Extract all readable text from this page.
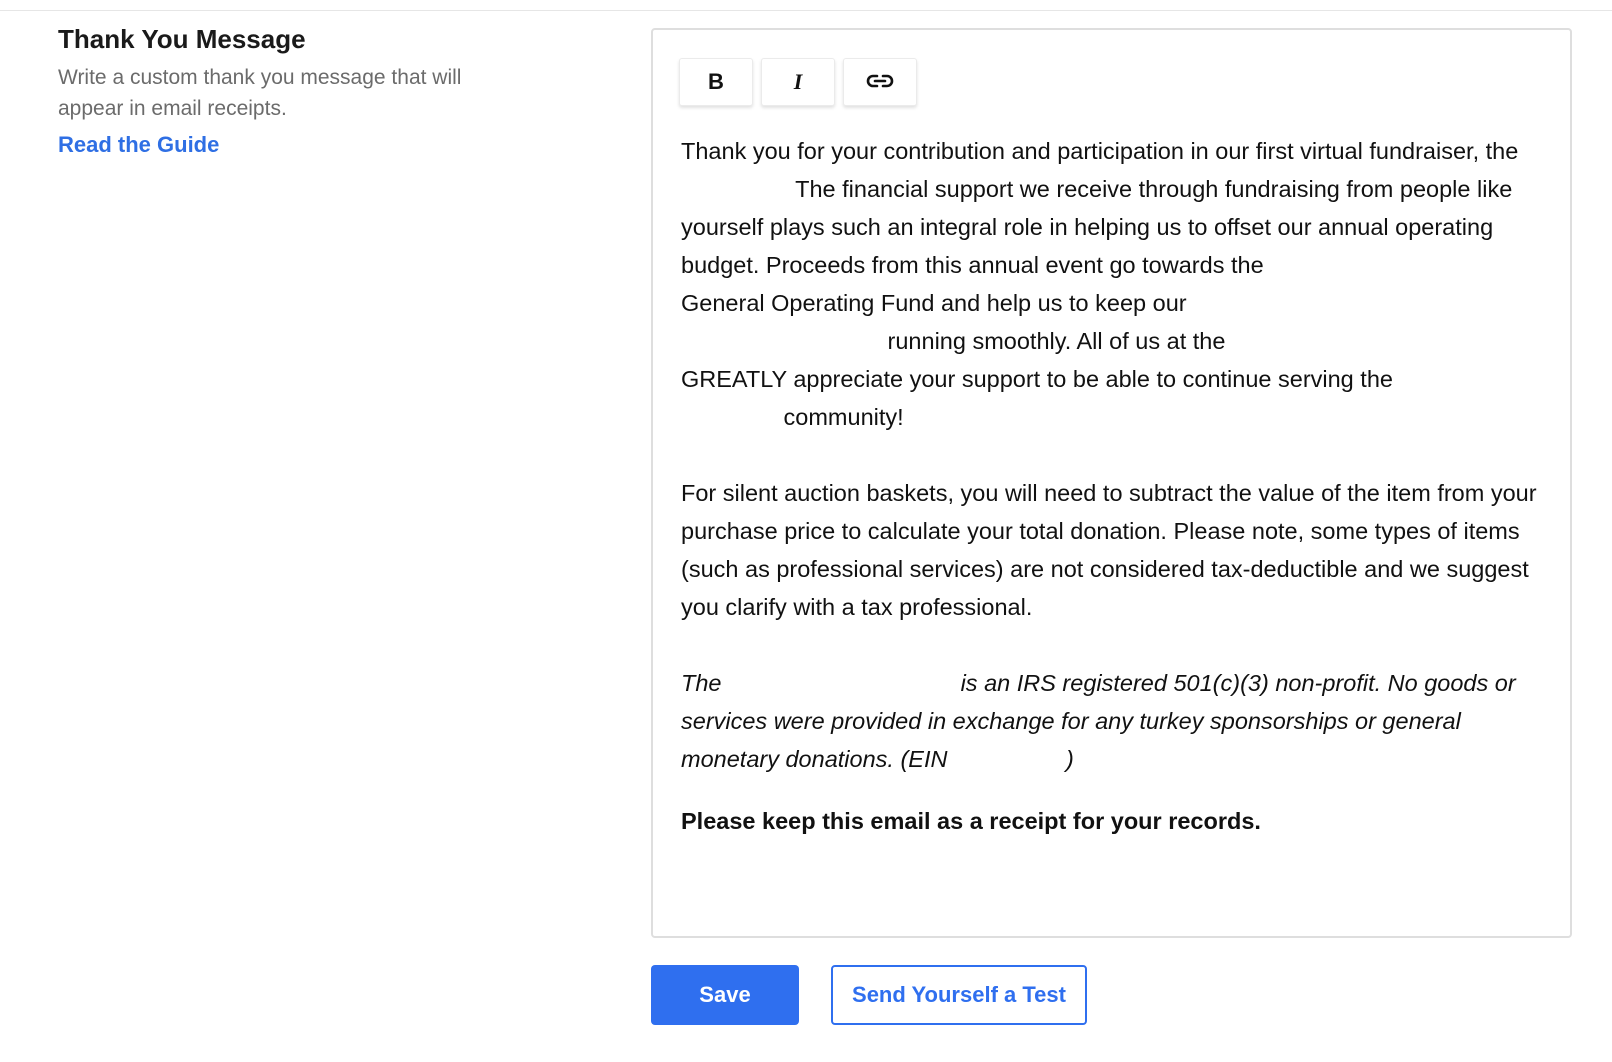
Thank You Message
Write a custom thank you message that will appear in email receipts.
Read the Guide
B	I

Thank you for your contribution and participation in our first virtual fundraiser, the
The financial support we receive through fundraising from people like yourself plays such an integral role in helping us to offset our annual operating budget. Proceeds from this annual event go towards the
General Operating Fund and help us to keep our
running smoothly. All of us at the
GREATLY appreciate your support to be able to continue serving the
community!

For silent auction baskets, you will need to subtract the value of the item from your purchase price to calculate your total donation. Please note, some types of items (such as professional services) are not considered tax-deductible and we suggest you clarify with a tax professional.

The	is an IRS registered 501(c)(3) non-profit. No goods or services were provided in exchange for any turkey sponsorships or general monetary donations. (EIN	)

Please keep this email as a receipt for your records.

Save	Send Yourself a Test
